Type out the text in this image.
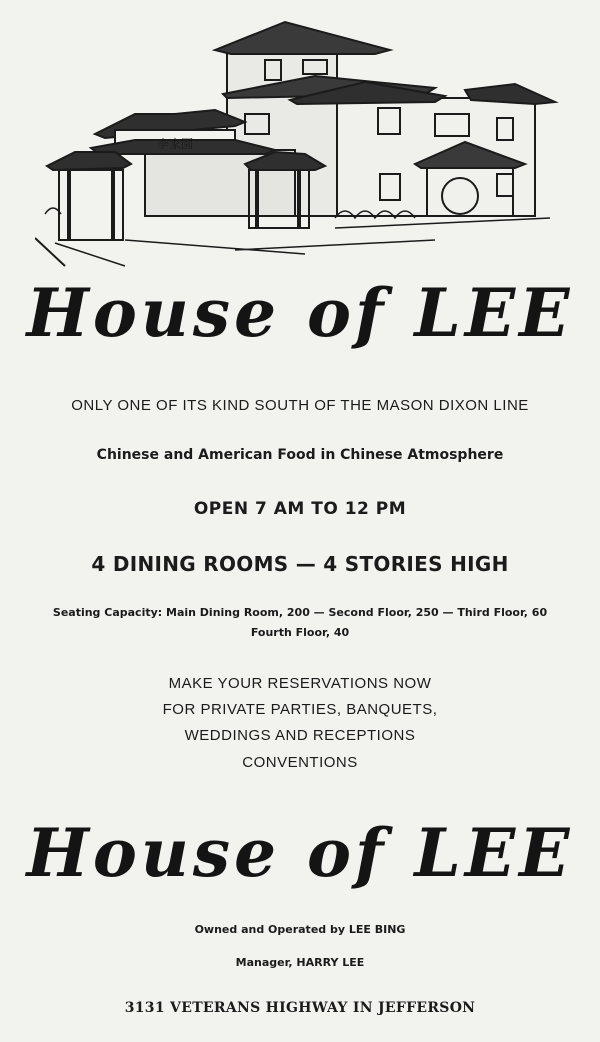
李家園
House of LEE
ONLY ONE OF ITS KIND SOUTH OF THE MASON DIXON LINE
Chinese and American Food in Chinese Atmosphere
OPEN 7 AM TO 12 PM
4 DINING ROOMS — 4 STORIES HIGH
Seating Capacity: Main Dining Room, 200 — Second Floor, 250 — Third Floor, 60
Fourth Floor, 40
MAKE YOUR RESERVATIONS NOW
FOR PRIVATE PARTIES, BANQUETS,
WEDDINGS AND RECEPTIONS
CONVENTIONS
House of LEE
Owned and Operated by LEE BING
Manager, HARRY LEE
3131 VETERANS HIGHWAY IN JEFFERSON
